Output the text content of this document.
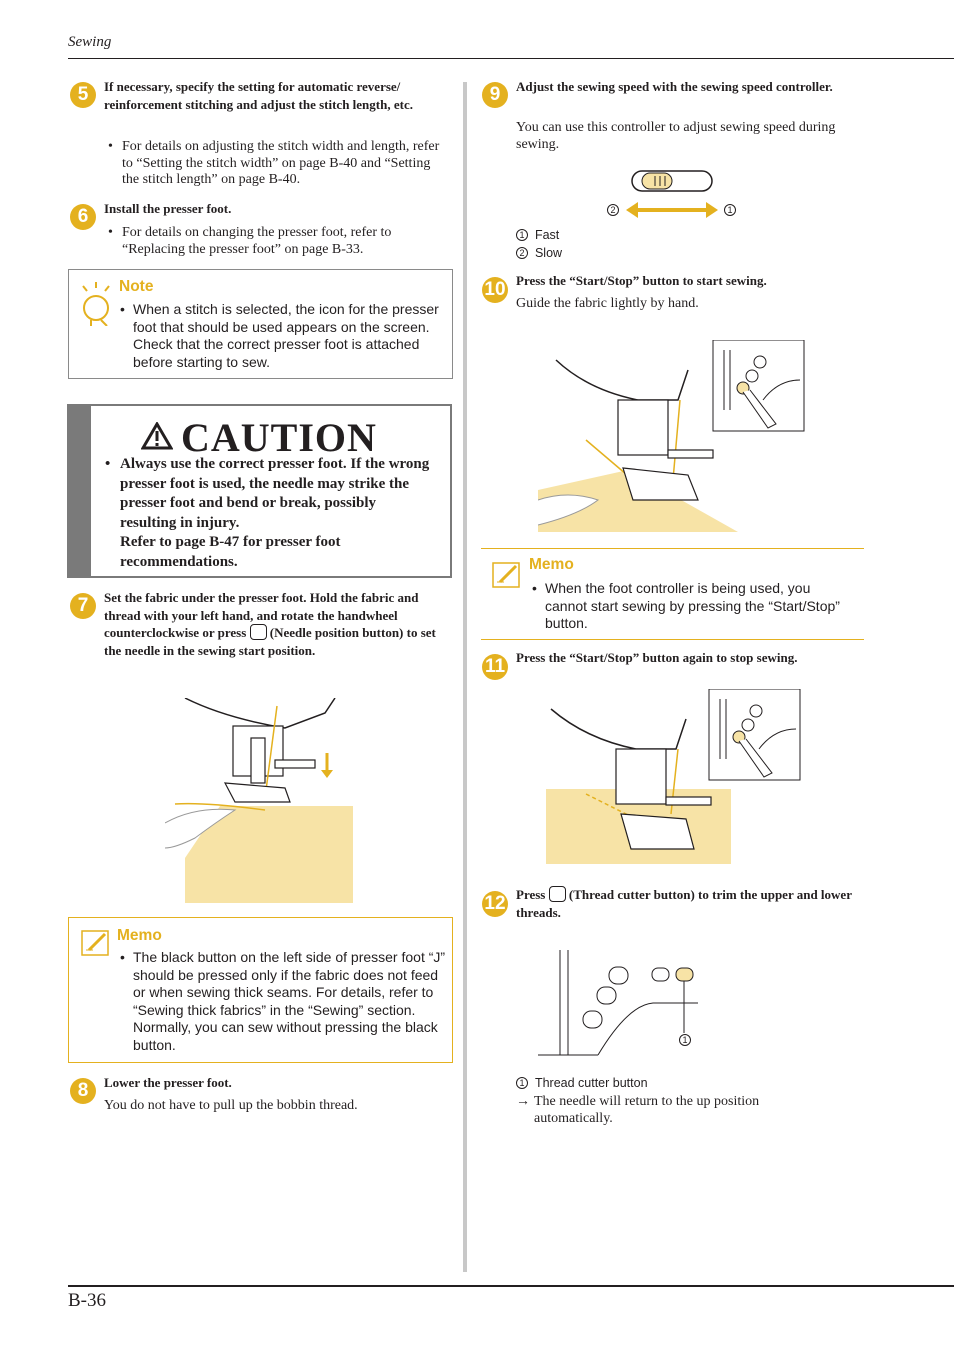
Sewing
5	If necessary, specify the setting for automatic reverse/ reinforcement stitching and adjust the stitch length, etc.
• For details on adjusting the stitch width and length, refer to “Setting the stitch width” on page B-40 and “Setting the stitch length” on page B-40.
6	Install the presser foot.
• For details on changing the presser foot, refer to “Replacing the presser foot” on page B-33.
Note
• When a stitch is selected, the icon for the presser foot that should be used appears on the screen. Check that the correct presser foot is attached before starting to sew.
CAUTION
• Always use the correct presser foot. If the wrong presser foot is used, the needle may strike the presser foot and bend or break, possibly resulting in injury.
Refer to page B-47 for presser foot recommendations.
7	Set the fabric under the presser foot. Hold the fabric and thread with your left hand, and rotate the handwheel counterclockwise or press (Needle position button) to set the needle in the sewing start position.
Memo
• The black button on the left side of presser foot “J” should be pressed only if the fabric does not feed or when sewing thick seams. For details, refer to “Sewing thick fabrics” in the “Sewing” section. Normally, you can sew without pressing the black button.
8	Lower the presser foot.
You do not have to pull up the bobbin thread.
9	Adjust the sewing speed with the sewing speed controller.
You can use this controller to adjust sewing speed during sewing.
2	1
1 Fast
2 Slow
10 Press the “Start/Stop” button to start sewing.
Guide the fabric lightly by hand.
Memo
• When the foot controller is being used, you cannot start sewing by pressing the “Start/Stop” button.
11 Press the “Start/Stop” button again to stop sewing.
12 Press (Thread cutter button) to trim the upper and lower threads.
1
1 Thread cutter button
→ The needle will return to the up position automatically.
B-36
